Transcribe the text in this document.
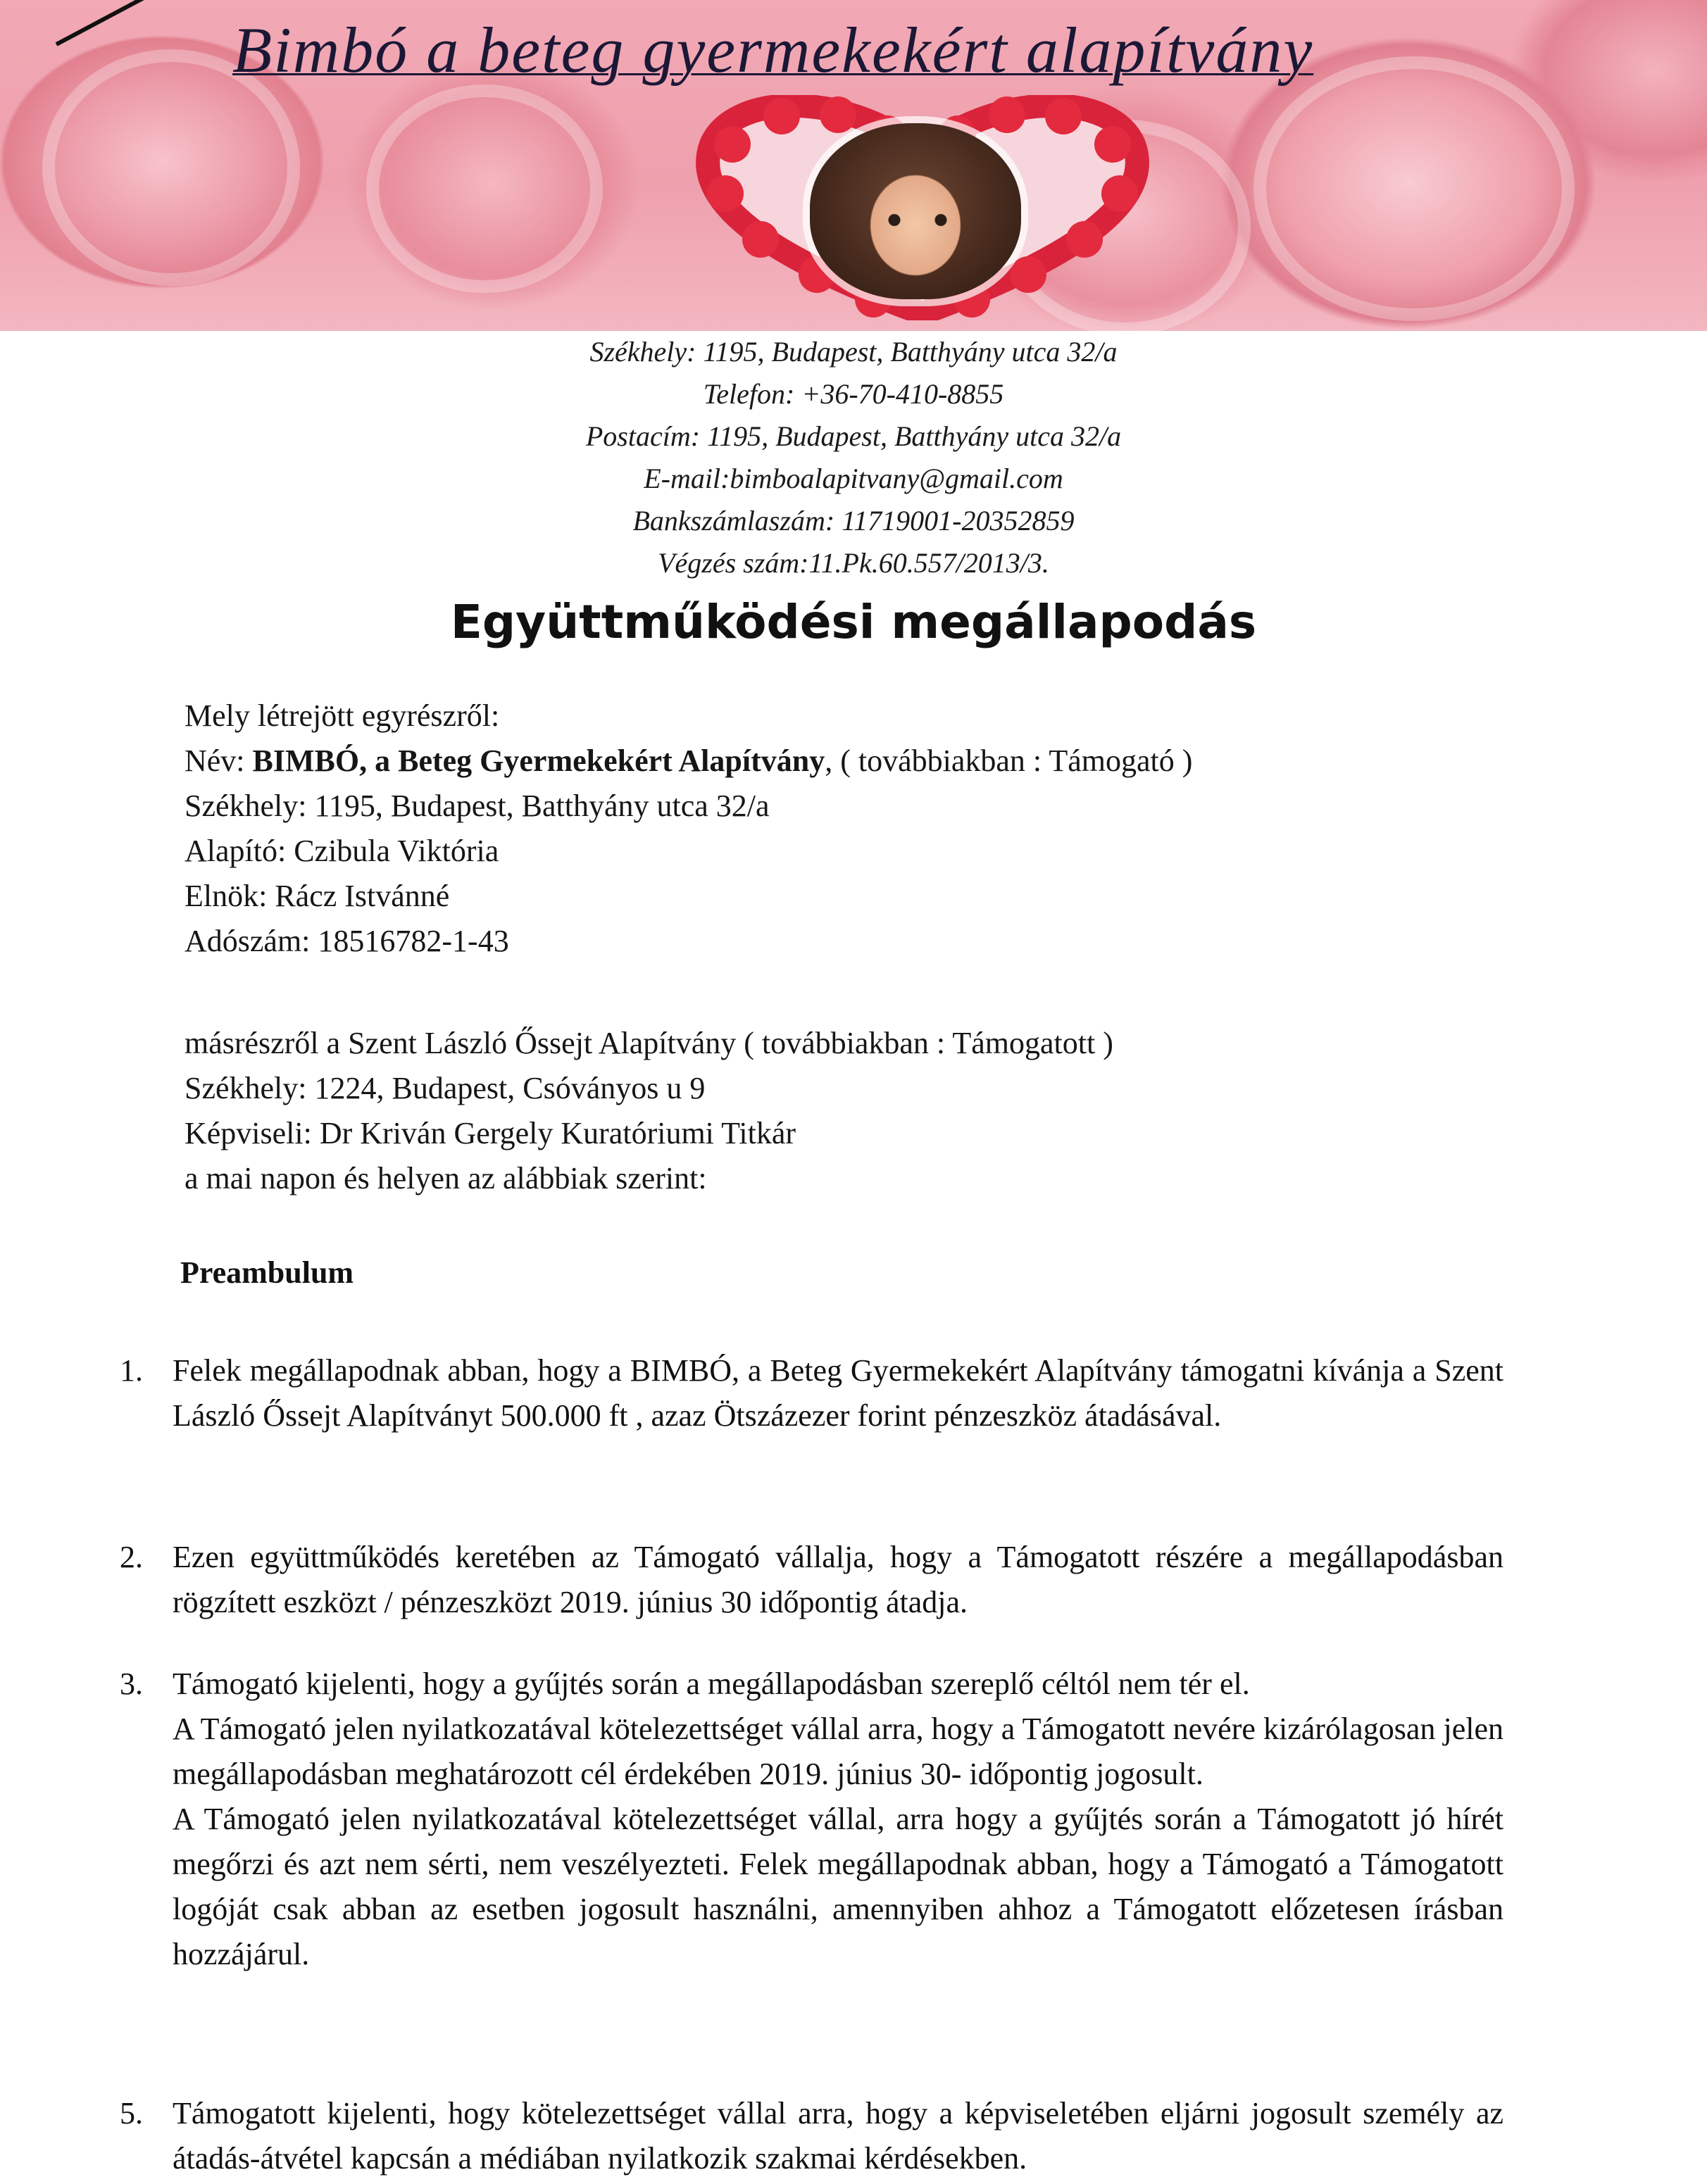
Bimbó a beteg gyermekekért alapítvány
Székhely: 1195, Budapest, Batthyány utca 32/a
Telefon: +36-70-410-8855
Postacím: 1195, Budapest, Batthyány utca 32/a
E-mail:bimboalapitvany@gmail.com
Bankszámlaszám: 11719001-20352859
Végzés szám:11.Pk.60.557/2013/3.
Együttműködési megállapodás
Mely létrejött egyrészről:
Név: BIMBÓ, a Beteg Gyermekekért Alapítvány, ( továbbiakban : Támogató )
Székhely: 1195, Budapest, Batthyány utca 32/a
Alapító: Czibula Viktória
Elnök: Rácz Istvánné
Adószám: 18516782-1-43
másrészről a Szent László Őssejt Alapítvány ( továbbiakban : Támogatott )
Székhely: 1224, Budapest, Csóványos u 9
Képviseli: Dr Kriván Gergely Kuratóriumi Titkár
a mai napon és helyen az alábbiak szerint:
Preambulum
1. Felek megállapodnak abban, hogy a BIMBÓ, a Beteg Gyermekekért Alapítvány támogatni kívánja a Szent László Őssejt Alapítványt 500.000 ft , azaz Ötszázezer forint pénzeszköz átadásával.

2. Ezen együttműködés keretében az Támogató vállalja, hogy a Támogatott részére a megállapodásban rögzített eszközt / pénzeszközt 2019. június 30 időpontig átadja.

3. Támogató kijelenti, hogy a gyűjtés során a megállapodásban szereplő céltól nem tér el.

A Támogató jelen nyilatkozatával kötelezettséget vállal arra, hogy a Támogatott nevére kizárólagosan jelen megállapodásban meghatározott cél érdekében 2019. június 30- időpontig jogosult.

A Támogató jelen nyilatkozatával kötelezettséget vállal, arra hogy a gyűjtés során a Támogatott jó hírét megőrzi és azt nem sérti, nem veszélyezteti. Felek megállapodnak abban, hogy a Támogató a Támogatott logóját csak abban az esetben jogosult használni, amennyiben ahhoz a Támogatott előzetesen írásban hozzájárul.

5. Támogatott kijelenti, hogy kötelezettséget vállal arra, hogy a képviseletében eljárni jogosult személy az átadás-átvétel kapcsán a médiában nyilatkozik szakmai kérdésekben.
